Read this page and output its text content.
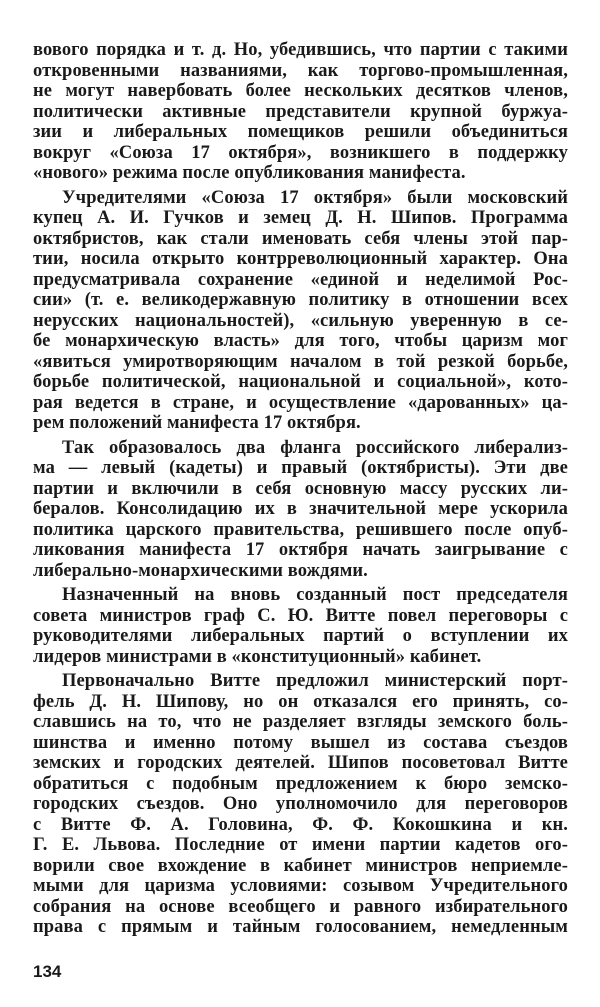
вового порядка и т. д. Но, убедившись, что партии с такими
откровенными названиями, как торгово-промышленная,
не могут навербовать более нескольких десятков членов,
политически активные представители крупной буржуа-
зии и либеральных помещиков решили объединиться
вокруг «Союза 17 октября», возникшего в поддержку
«нового» режима после опубликования манифеста.
Учредителями «Союза 17 октября» были московский
купец А. И. Гучков и земец Д. Н. Шипов. Программа
октябристов, как стали именовать себя члены этой пар-
тии, носила открыто контрреволюционный характер. Она
предусматривала сохранение «единой и неделимой Рос-
сии» (т. е. великодержавную политику в отношении всех
нерусских национальностей), «сильную уверенную в се-
бе монархическую власть» для того, чтобы царизм мог
«явиться умиротворяющим началом в той резкой борьбе,
борьбе политической, национальной и социальной», кото-
рая ведется в стране, и осуществление «дарованных» ца-
рем положений манифеста 17 октября.
Так образовалось два фланга российского либерализ-
ма — левый (кадеты) и правый (октябристы). Эти две
партии и включили в себя основную массу русских ли-
бералов. Консолидацию их в значительной мере ускорила
политика царского правительства, решившего после опуб-
ликования манифеста 17 октября начать заигрывание с
либерально-монархическими вождями.
Назначенный на вновь созданный пост председателя
совета министров граф С. Ю. Витте повел переговоры с
руководителями либеральных партий о вступлении их
лидеров министрами в «конституционный» кабинет.
Первоначально Витте предложил министерский порт-
фель Д. Н. Шипову, но он отказался его принять, со-
славшись на то, что не разделяет взгляды земского боль-
шинства и именно потому вышел из состава съездов
земских и городских деятелей. Шипов посоветовал Витте
обратиться с подобным предложением к бюро земско-
городских съездов. Оно уполномочило для переговоров
с Витте Ф. А. Головина, Ф. Ф. Кокошкина и кн.
Г. Е. Львова. Последние от имени партии кадетов ого-
ворили свое вхождение в кабинет министров неприемле-
мыми для царизма условиями: созывом Учредительного
собрания на основе всеобщего и равного избирательного
права с прямым и тайным голосованием, немедленным
134
